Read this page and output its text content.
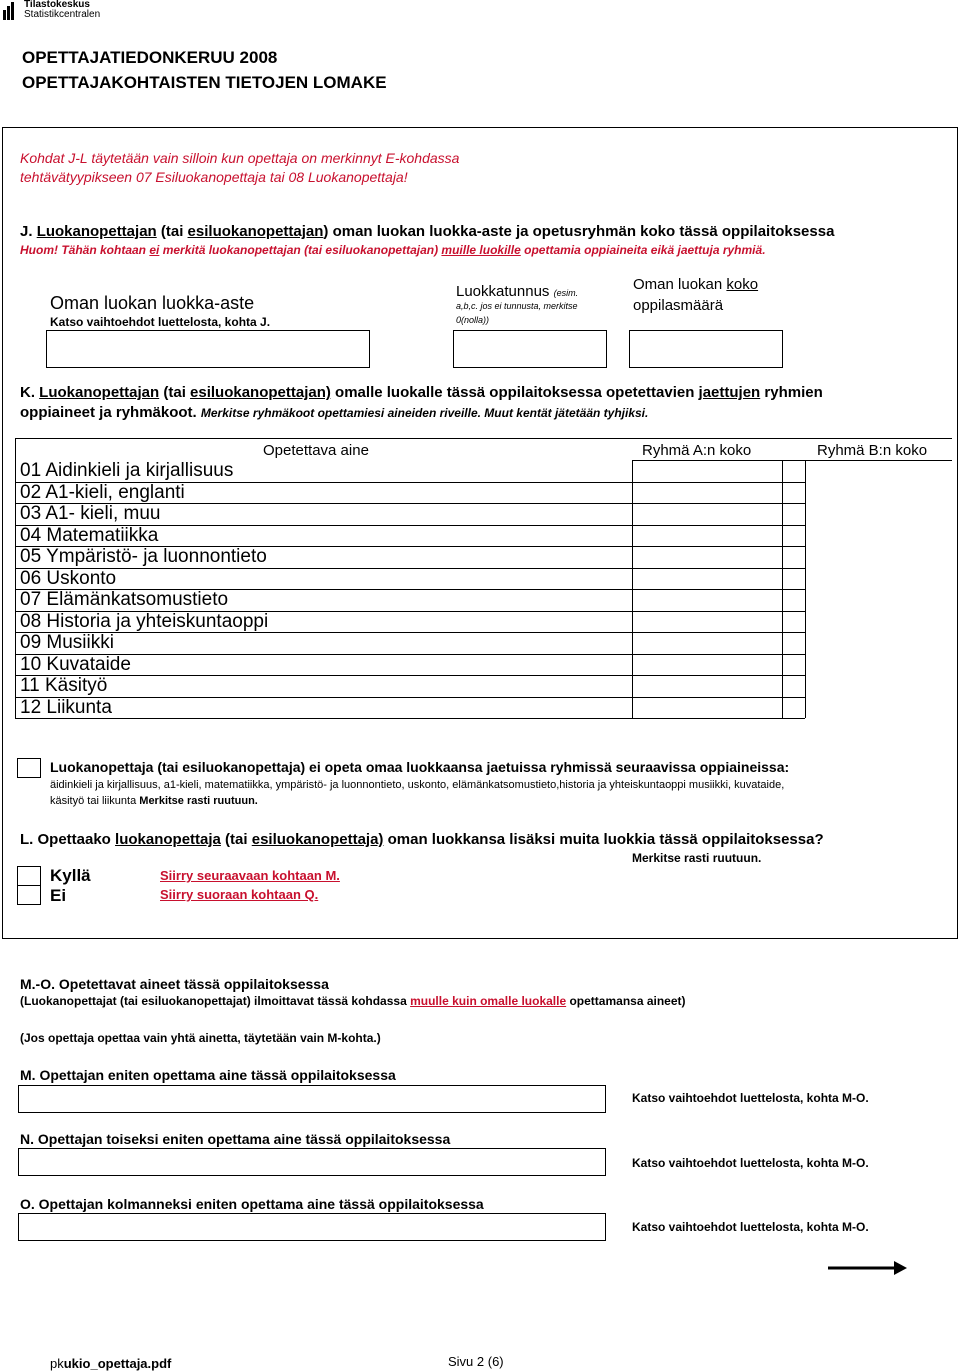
Tilastokeskus
Statistikcentralen
OPETTAJATIEDONKERUU 2008
OPETTAJAKOHTAISTEN TIETOJEN LOMAKE
Kohdat J-L täytetään vain silloin kun opettaja on merkinnyt E-kohdassa
tehtävätyypikseen 07 Esiluokanopettaja tai 08 Luokanopettaja!
J. Luokanopettajan (tai esiluokanopettajan) oman luokan luokka-aste ja opetusryhmän koko tässä oppilaitoksessa
Huom! Tähän kohtaan ei merkitä luokanopettajan (tai esiluokanopettajan) muille luokille opettamia oppiaineita eikä jaettuja ryhmiä.
Oman luokan luokka-aste
Katso vaihtoehdot luettelosta, kohta J.
Luokkatunnus (esim.
a,b,c. jos ei tunnusta, merkitse
0(nolla))
Oman luokan koko
oppilasmäärä
K. Luokanopettajan (tai esiluokanopettajan) omalle luokalle tässä oppilaitoksessa opetettavien jaettujen ryhmien
oppiaineet ja ryhmäkoot. Merkitse ryhmäkoot opettamiesi aineiden riveille. Muut kentät jätetään tyhjiksi.
Opetettava aine	Ryhmä A:n koko	Ryhmä B:n koko
01 Aidinkieli ja kirjallisuus
02 A1-kieli, englanti
03 A1- kieli, muu
04 Matematiikka
05 Ympäristö- ja luonnontieto
06 Uskonto
07 Elämänkatsomustieto
08 Historia ja yhteiskuntaoppi
09 Musiikki
10 Kuvataide
11 Käsityö
12 Liikunta
Luokanopettaja (tai esiluokanopettaja) ei opeta omaa luokkaansa jaetuissa ryhmissä seuraavissa oppiaineissa:
äidinkieli ja kirjallisuus, a1-kieli, matematiikka, ympäristö- ja luonnontieto, uskonto, elämänkatsomustieto,historia ja yhteiskuntaoppi musiikki, kuvataide,
käsityö tai liikunta Merkitse rasti ruutuun.
L. Opettaako luokanopettaja (tai esiluokanopettaja) oman luokkansa lisäksi muita luokkia tässä oppilaitoksessa?
Merkitse rasti ruutuun.
Kyllä
Ei
Siirry seuraavaan kohtaan M.
Siirry suoraan kohtaan Q.
M.-O. Opetettavat aineet tässä oppilaitoksessa
(Luokanopettajat (tai esiluokanopettajat) ilmoittavat tässä kohdassa muulle kuin omalle luokalle opettamansa aineet)
(Jos opettaja opettaa vain yhtä ainetta, täytetään vain M-kohta.)
M. Opettajan eniten opettama aine tässä oppilaitoksessa
Katso vaihtoehdot luettelosta, kohta M-O.
N. Opettajan toiseksi eniten opettama aine tässä oppilaitoksessa
Katso vaihtoehdot luettelosta, kohta M-O.
O. Opettajan kolmanneksi eniten opettama aine tässä oppilaitoksessa
Katso vaihtoehdot luettelosta, kohta M-O.
pkukio_opettaja.pdf	Sivu 2 (6)
